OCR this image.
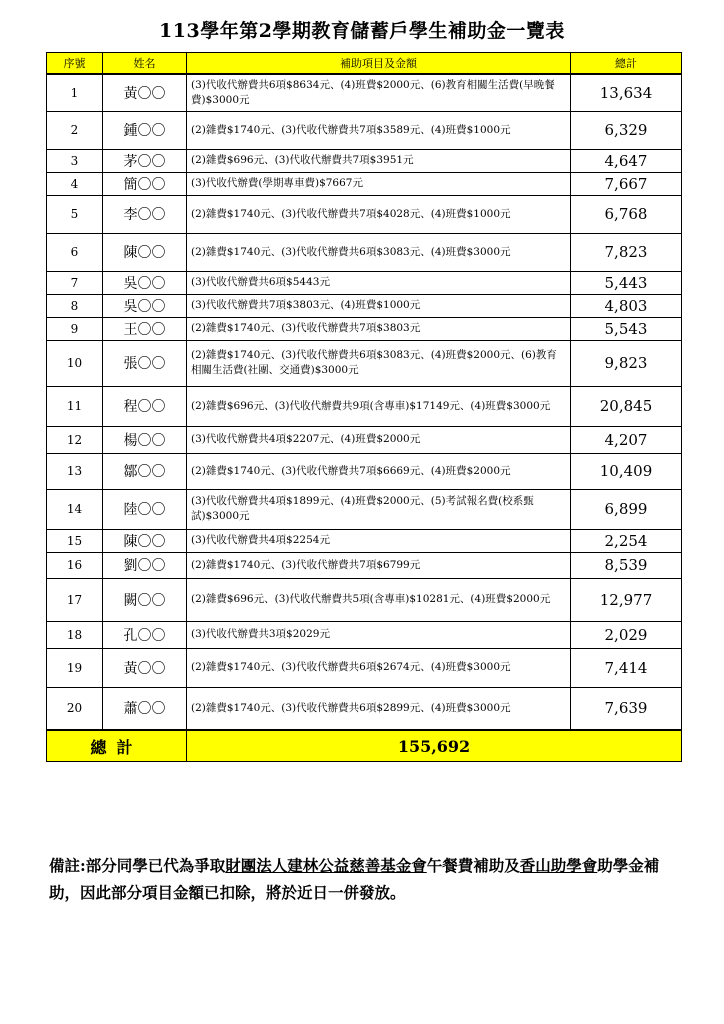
113學年第2學期教育儲蓄戶學生補助金一覽表
序號	姓名	補助項目及金額	總計
1	黃〇〇	(3)代收代辦費共6項$8634元、(4)班費$2000元、(6)教育相關生活費(早晚餐費)$3000元	13,634
2	鍾〇〇	(2)雜費$1740元、(3)代收代辦費共7項$3589元、(4)班費$1000元	6,329
3	茅〇〇	(2)雜費$696元、(3)代收代辦費共7項$3951元	4,647
4	簡〇〇	(3)代收代辦費(學期專車費)$7667元	7,667
5	李〇〇	(2)雜費$1740元、(3)代收代辦費共7項$4028元、(4)班費$1000元	6,768
6	陳〇〇	(2)雜費$1740元、(3)代收代辦費共6項$3083元、(4)班費$3000元	7,823
7	吳〇〇	(3)代收代辦費共6項$5443元	5,443
8	吳〇〇	(3)代收代辦費共7項$3803元、(4)班費$1000元	4,803
9	王〇〇	(2)雜費$1740元、(3)代收代辦費共7項$3803元	5,543
10	張〇〇	(2)雜費$1740元、(3)代收代辦費共6項$3083元、(4)班費$2000元、(6)教育相關生活費(社團、交通費)$3000元	9,823
11	程〇〇	(2)雜費$696元、(3)代收代辦費共9項(含專車)$17149元、(4)班費$3000元	20,845
12	楊〇〇	(3)代收代辦費共4項$2207元、(4)班費$2000元	4,207
13	鄒〇〇	(2)雜費$1740元、(3)代收代辦費共7項$6669元、(4)班費$2000元	10,409
14	陸〇〇	(3)代收代辦費共4項$1899元、(4)班費$2000元、(5)考試報名費(校系甄試)$3000元	6,899
15	陳〇〇	(3)代收代辦費共4項$2254元	2,254
16	劉〇〇	(2)雜費$1740元、(3)代收代辦費共7項$6799元	8,539
17	闕〇〇	(2)雜費$696元、(3)代收代辦費共5項(含專車)$10281元、(4)班費$2000元	12,977
18	孔〇〇	(3)代收代辦費共3項$2029元	2,029
19	黃〇〇	(2)雜費$1740元、(3)代收代辦費共6項$2674元、(4)班費$3000元	7,414
20	蕭〇〇	(2)雜費$1740元、(3)代收代辦費共6項$2899元、(4)班費$3000元	7,639
總計		155,692	
備註:部分同學已代為爭取財團法人建林公益慈善基金會午餐費補助及香山助學會助學金補助，因此部分項目金額已扣除，將於近日一併發放。
